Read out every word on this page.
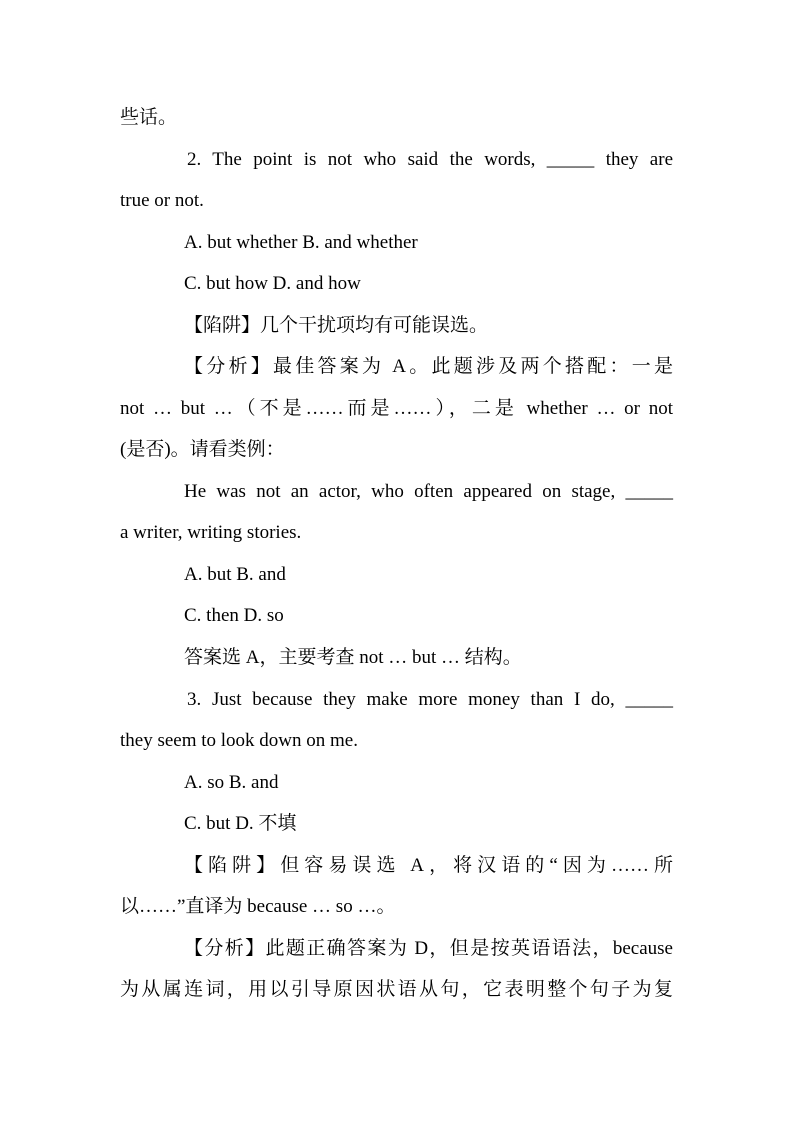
些话。
2. The point is not who said the words, _____ they are
true or not.
A. but whether B. and whether
C. but how D. and how
【陷阱】几个干扰项均有可能误选。
【分析】最佳答案为 A。此题涉及两个搭配：一是
not … but …（不是……而是……），二是 whether … or not
(是否)。请看类例：
He was not an actor, who often appeared on stage, _____
a writer, writing stories.
A. but B. and
C. then D. so
答案选 A，主要考查 not … but … 结构。
3. Just because they make more money than I do, _____
they seem to look down on me.
A. so B. and
C. but D. 不填
【陷阱】但容易误选 A，将汉语的“因为……所
以……”直译为 because … so …。
【分析】此题正确答案为 D，但是按英语语法，because
为从属连词，用以引导原因状语从句，它表明整个句子为复
